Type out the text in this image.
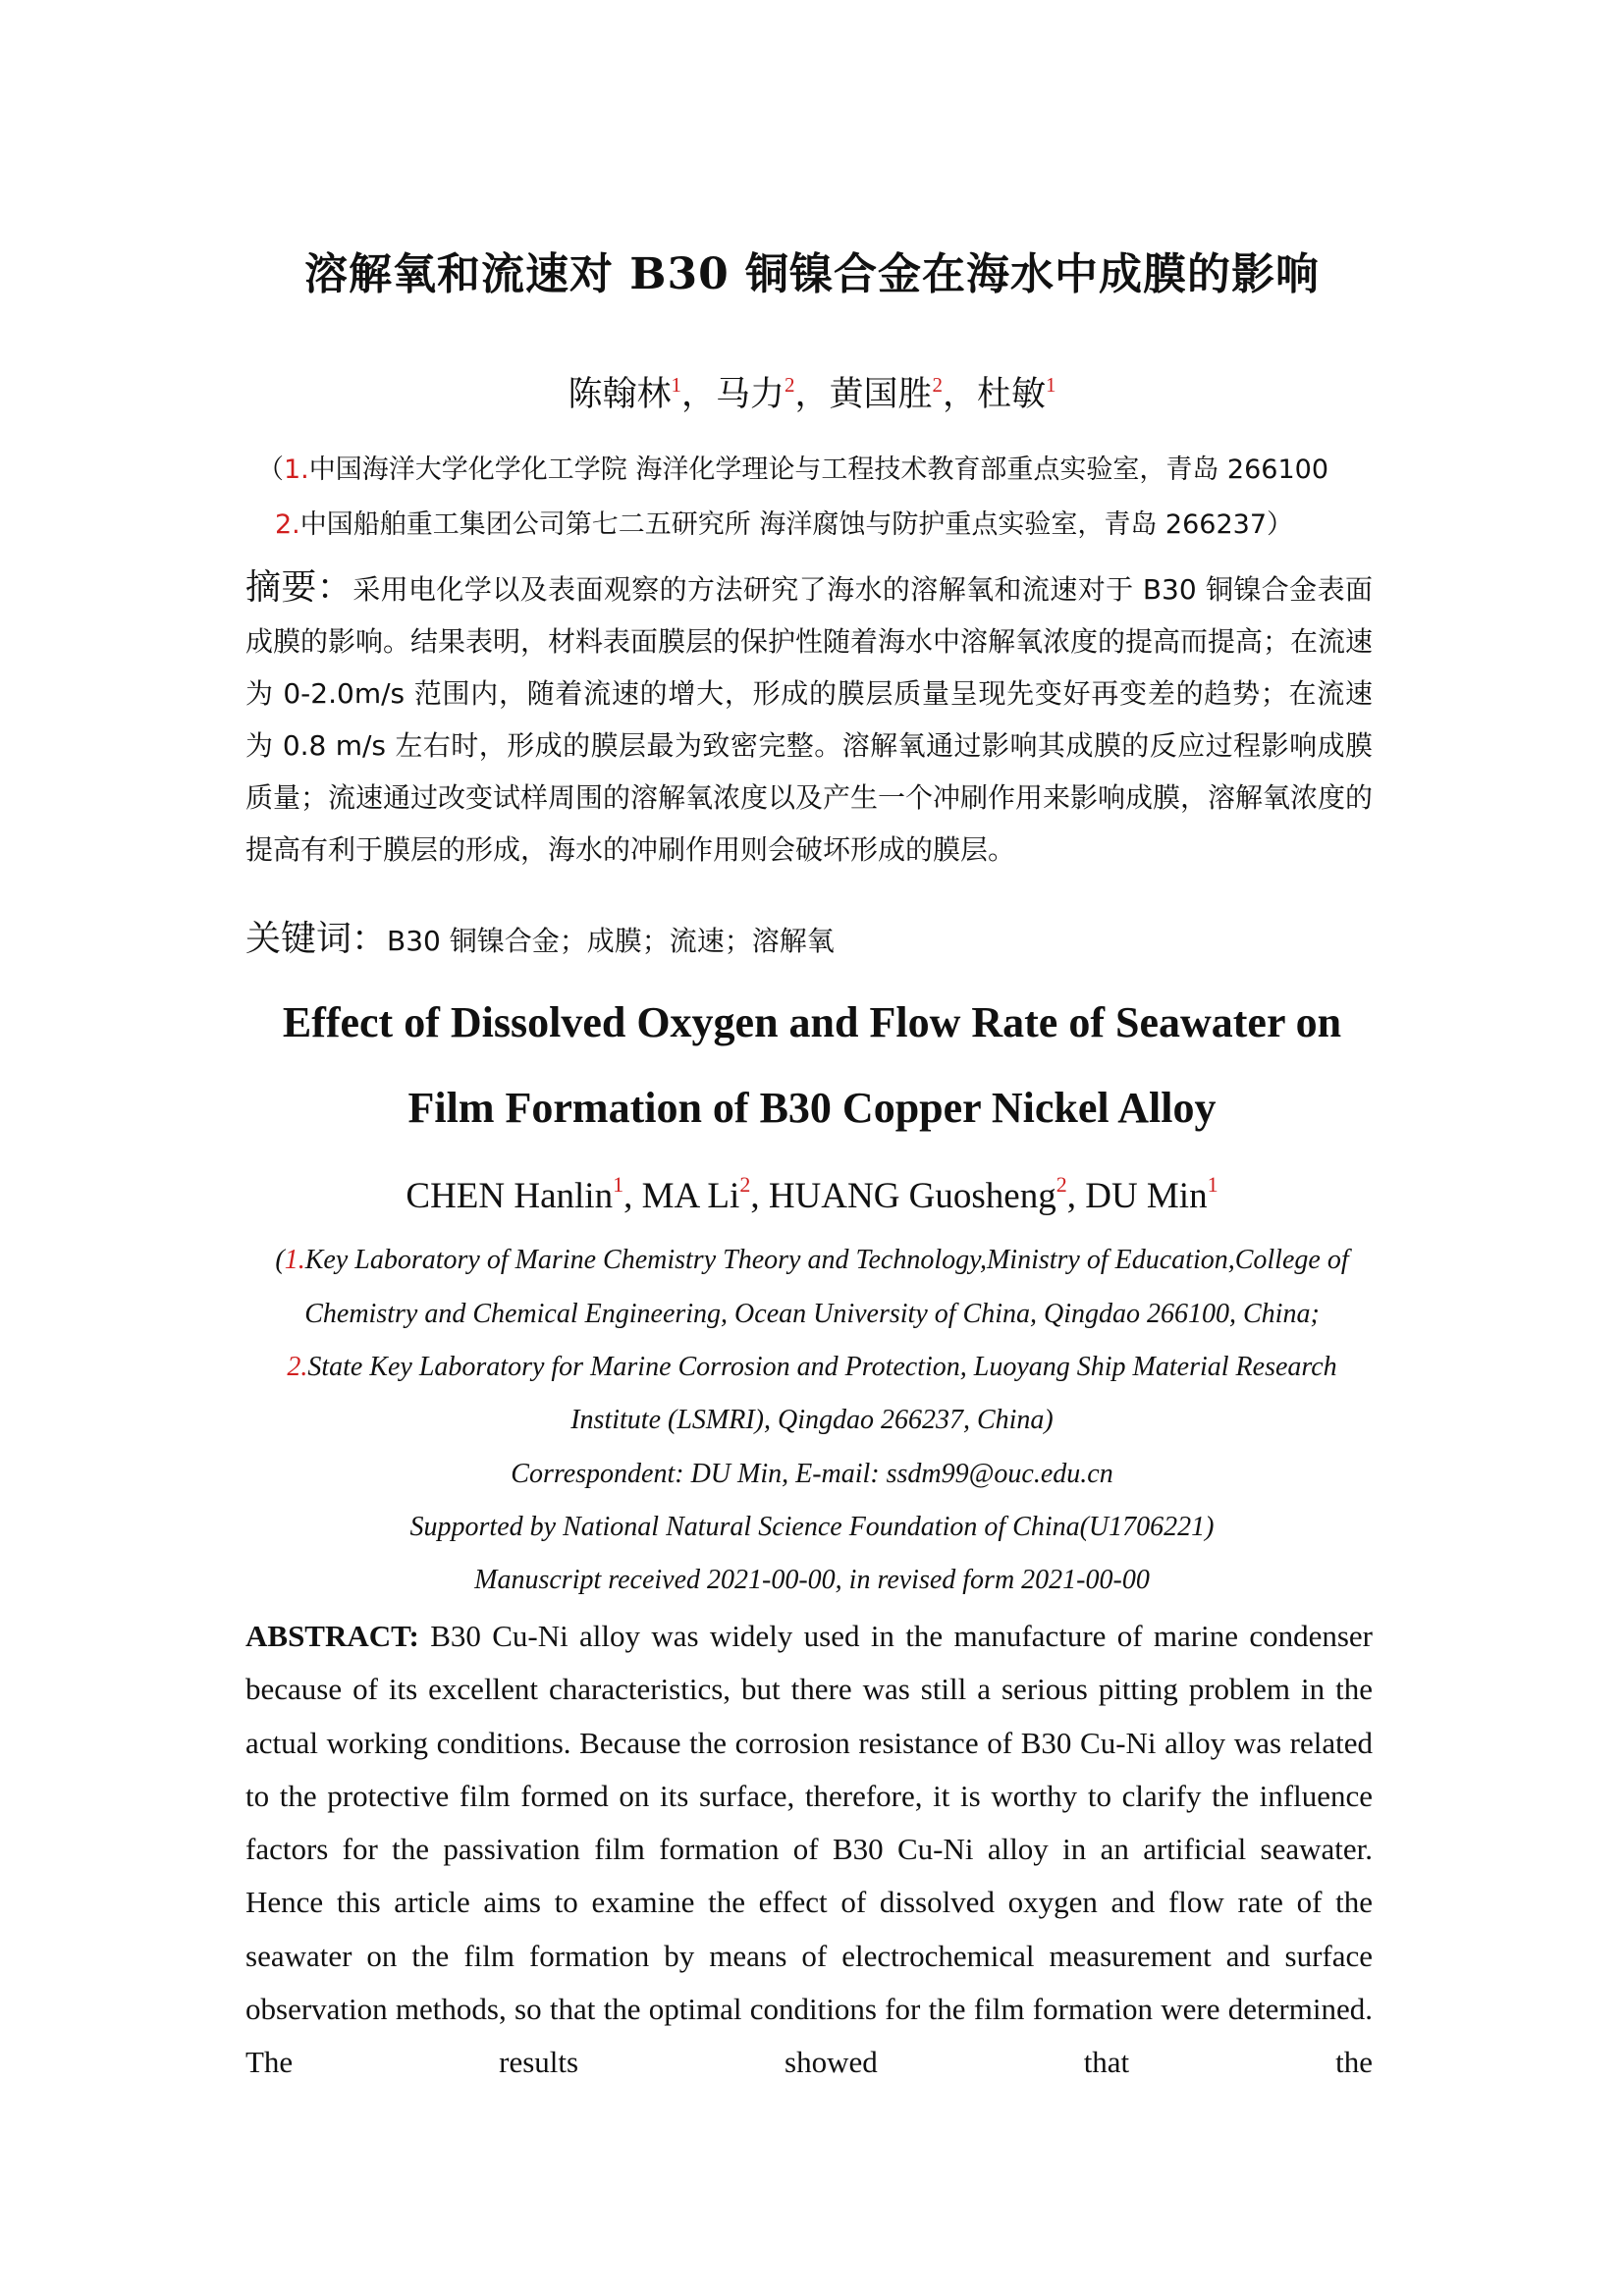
溶解氧和流速对 B30 铜镍合金在海水中成膜的影响
陈翰林$^1$，马力$^2$，黄国胜$^2$，杜敏$^1$
（1.中国海洋大学化学化工学院 海洋化学理论与工程技术教育部重点实验室，青岛 266100
2.中国船舶重工集团公司第七二五研究所 海洋腐蚀与防护重点实验室，青岛 266237）
摘要：采用电化学以及表面观察的方法研究了海水的溶解氧和流速对于 B30 铜镍合金表面成膜的影响。结果表明，材料表面膜层的保护性随着海水中溶解氧浓度的提高而提高；在流速为 0-2.0m/s 范围内，随着流速的增大，形成的膜层质量呈现先变好再变差的趋势；在流速为 0.8 m/s 左右时，形成的膜层最为致密完整。溶解氧通过影响其成膜的反应过程影响成膜质量；流速通过改变试样周围的溶解氧浓度以及产生一个冲刷作用来影响成膜，溶解氧浓度的提高有利于膜层的形成，海水的冲刷作用则会破坏形成的膜层。
关键词：B30 铜镍合金；成膜；流速；溶解氧
Effect of Dissolved Oxygen and Flow Rate of Seawater on
Film Formation of B30 Copper Nickel Alloy
CHEN Hanlin$^1$, MA Li$^2$, HUANG Guosheng$^2$, DU Min$^1$
(1.Key Laboratory of Marine Chemistry Theory and Technology,Ministry of Education,College of
Chemistry and Chemical Engineering, Ocean University of China, Qingdao 266100, China;
2.State Key Laboratory for Marine Corrosion and Protection, Luoyang Ship Material Research
Institute (LSMRI), Qingdao 266237, China)
Correspondent: DU Min, E-mail: ssdm99@ouc.edu.cn
Supported by National Natural Science Foundation of China(U1706221)
Manuscript received 2021-00-00, in revised form 2021-00-00
ABSTRACT: B30 Cu-Ni alloy was widely used in the manufacture of marine condenser because of its excellent characteristics, but there was still a serious pitting problem in the actual working conditions. Because the corrosion resistance of B30 Cu-Ni alloy was related to the protective film formed on its surface, therefore, it is worthy to clarify the influence factors for the passivation film formation of B30 Cu-Ni alloy in an artificial seawater. Hence this article aims to examine the effect of dissolved oxygen and flow rate of the seawater on the film formation by means of electrochemical measurement and surface observation methods, so that the optimal conditions for the film formation were determined. The results showed that the
